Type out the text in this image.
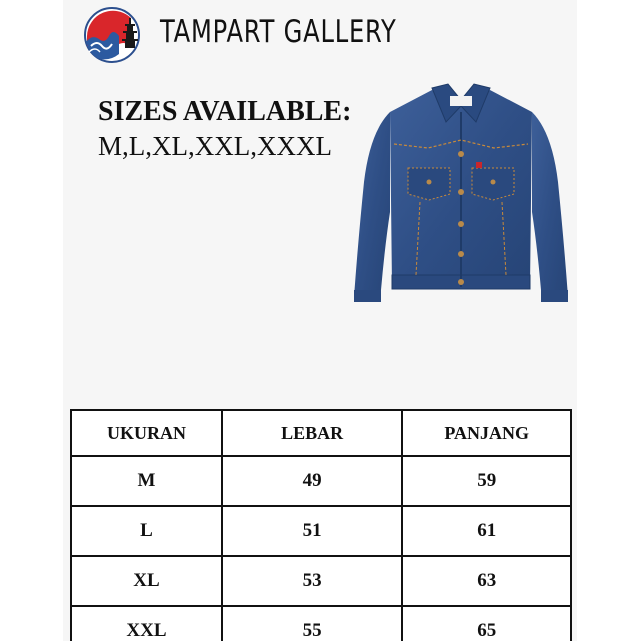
TAMPART GALLERY
SIZES AVAILABLE:
M,L,XL,XXL,XXXL
UKURAN	LEBAR	PANJANG
M	49	59
L	51	61
XL	53	63
XXL	55	65
